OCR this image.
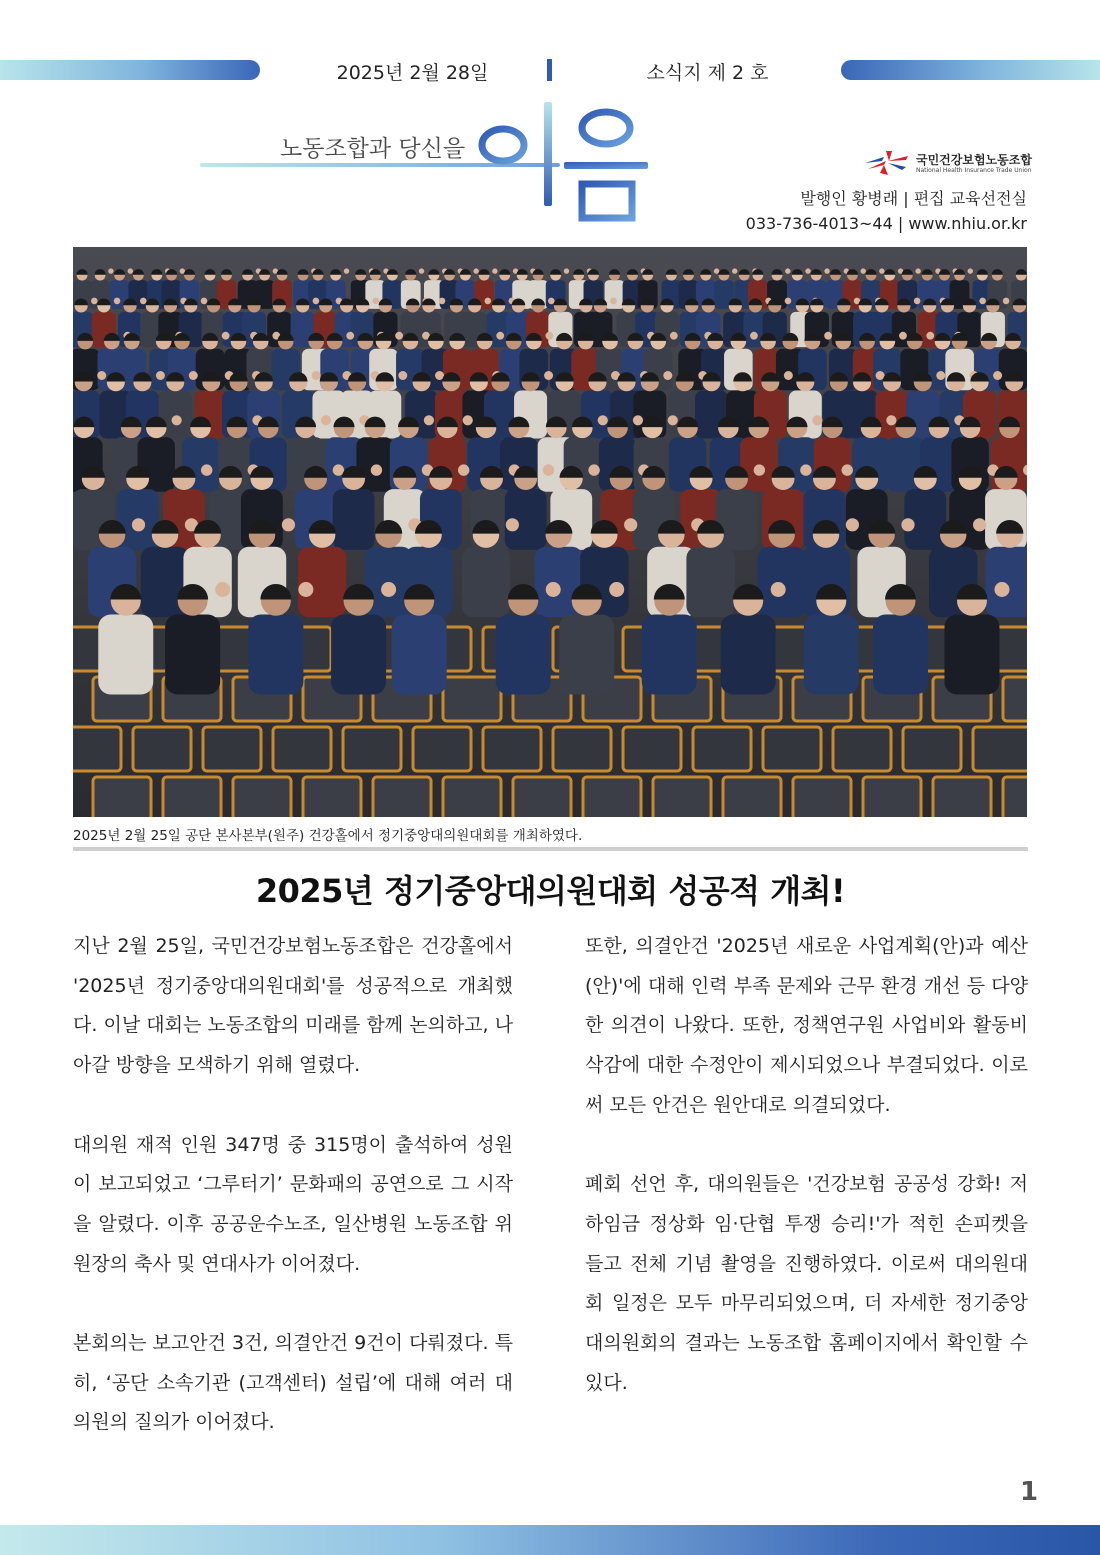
2025년 2월 28일	소식지 제 2 호
노동조합과 당신을	국민건강보험노동조합
National Health Insurance Trade Union
발행인 황병래 | 편집 교육선전실
033-736-4013~44 | www.nhiu.or.kr
2025년 2월 25일 공단 본사본부(원주) 건강홀에서 정기중앙대의원대회를 개최하였다.
2025년 정기중앙대의원대회 성공적 개최!

지난 2월 25일, 국민건강보험노동조합은 건강홀에서 '2025년 정기중앙대의원대회'를 성공적으로 개최했다. 이날 대회는 노동조합의 미래를 함께 논의하고, 나아갈 방향을 모색하기 위해 열렸다.

대의원 재적 인원 347명 중 315명이 출석하여 성원이 보고되었고 ‘그루터기’ 문화패의 공연으로 그 시작을 알렸다. 이후 공공운수노조, 일산병원 노동조합 위원장의 축사 및 연대사가 이어졌다.

본회의는 보고안건 3건, 의결안건 9건이 다뤄졌다. 특히, ‘공단 소속기관 (고객센터) 설립’에 대해 여러 대의원의 질의가 이어졌다.

또한, 의결안건 '2025년 새로운 사업계획(안)과 예산(안)'에 대해 인력 부족 문제와 근무 환경 개선 등 다양한 의견이 나왔다. 또한, 정책연구원 사업비와 활동비 삭감에 대한 수정안이 제시되었으나 부결되었다. 이로써 모든 안건은 원안대로 의결되었다.

폐회 선언 후, 대의원들은 '건강보험 공공성 강화! 저하임금 정상화 임·단협 투쟁 승리!'가 적힌 손피켓을 들고 전체 기념 촬영을 진행하였다. 이로써 대의원대회 일정은 모두 마무리되었으며, 더 자세한 정기중앙대의원회의 결과는 노동조합 홈페이지에서 확인할 수 있다.

1
